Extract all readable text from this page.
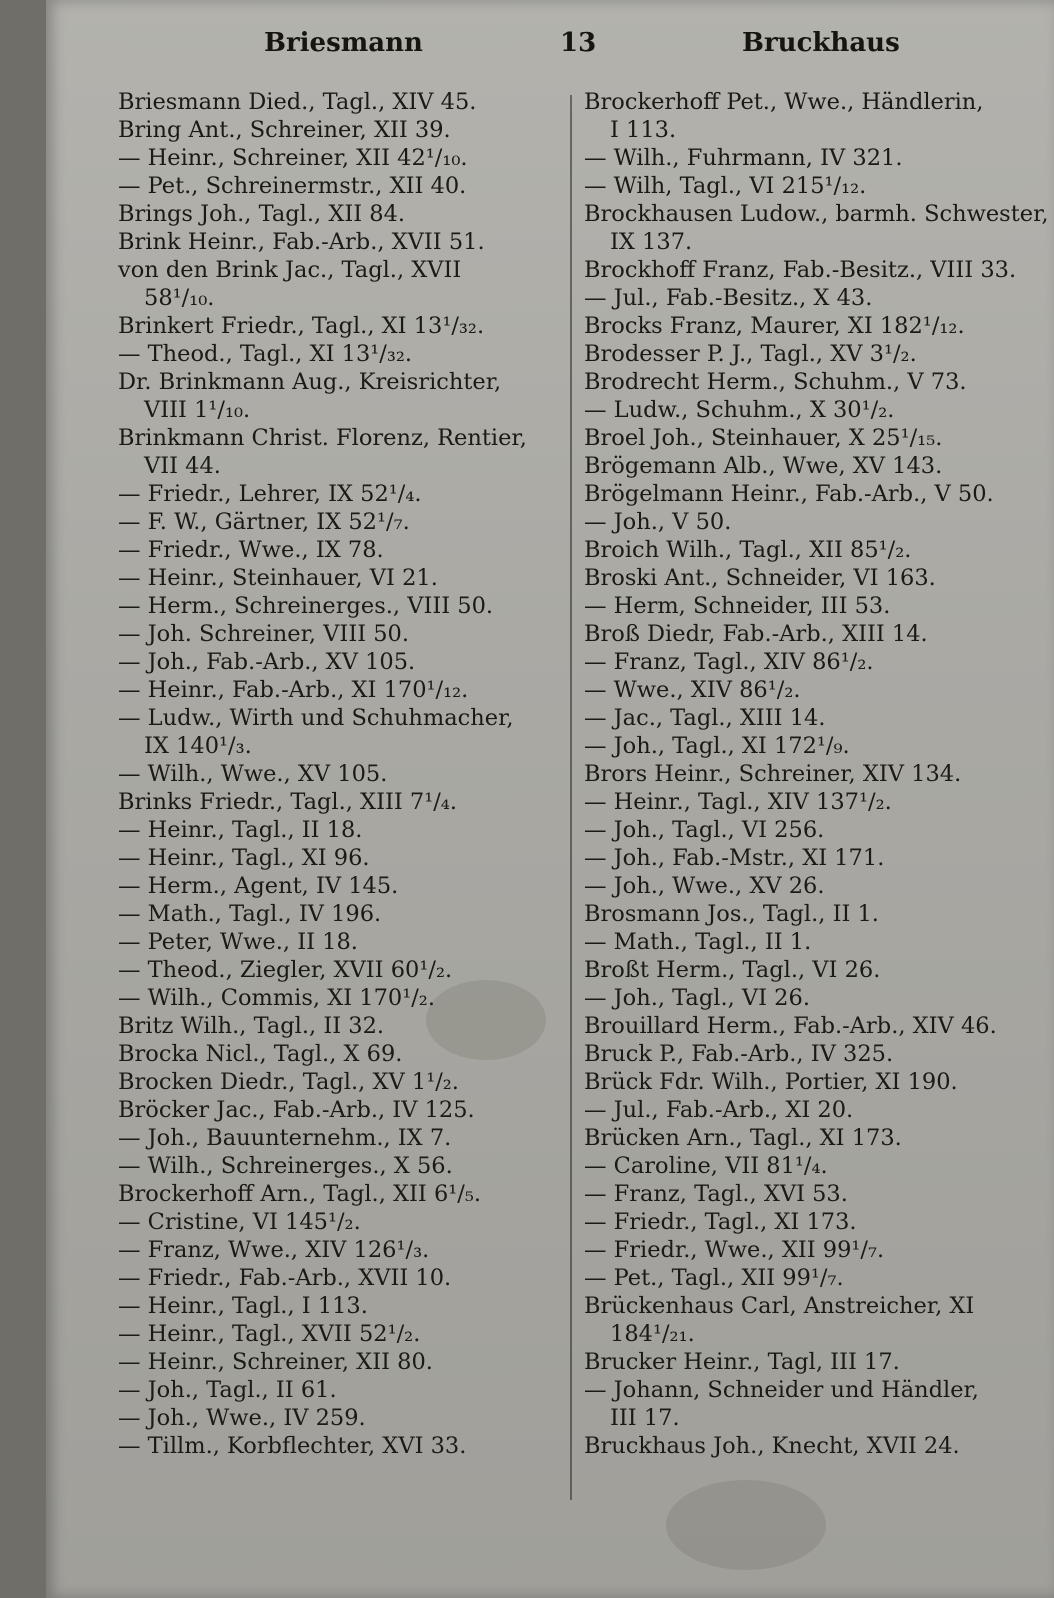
Briesmann	13	Bruckhaus
Briesmann Died., Tagl., XIV 45.
Bring Ant., Schreiner, XII 39.
— Heinr., Schreiner, XII 42¹/₁₀.
— Pet., Schreinermstr., XII 40.
Brings Joh., Tagl., XII 84.
Brink Heinr., Fab.-Arb., XVII 51.
von den Brink Jac., Tagl., XVII
58¹/₁₀.
Brinkert Friedr., Tagl., XI 13¹/₃₂.
— Theod., Tagl., XI 13¹/₃₂.
Dr. Brinkmann Aug., Kreisrichter,
VIII 1¹/₁₀.
Brinkmann Christ. Florenz, Rentier,
VII 44.
— Friedr., Lehrer, IX 52¹/₄.
— F. W., Gärtner, IX 52¹/₇.
— Friedr., Wwe., IX 78.
— Heinr., Steinhauer, VI 21.
— Herm., Schreinerges., VIII 50.
— Joh. Schreiner, VIII 50.
— Joh., Fab.-Arb., XV 105.
— Heinr., Fab.-Arb., XI 170¹/₁₂.
— Ludw., Wirth und Schuhmacher,
IX 140¹/₃.
— Wilh., Wwe., XV 105.
Brinks Friedr., Tagl., XIII 7¹/₄.
— Heinr., Tagl., II 18.
— Heinr., Tagl., XI 96.
— Herm., Agent, IV 145.
— Math., Tagl., IV 196.
— Peter, Wwe., II 18.
— Theod., Ziegler, XVII 60¹/₂.
— Wilh., Commis, XI 170¹/₂.
Britz Wilh., Tagl., II 32.
Brocka Nicl., Tagl., X 69.
Brocken Diedr., Tagl., XV 1¹/₂.
Bröcker Jac., Fab.-Arb., IV 125.
— Joh., Bauunternehm., IX 7.
— Wilh., Schreinerges., X 56.
Brockerhoff Arn., Tagl., XII 6¹/₅.
— Cristine, VI 145¹/₂.
— Franz, Wwe., XIV 126¹/₃.
— Friedr., Fab.-Arb., XVII 10.
— Heinr., Tagl., I 113.
— Heinr., Tagl., XVII 52¹/₂.
— Heinr., Schreiner, XII 80.
— Joh., Tagl., II 61.
— Joh., Wwe., IV 259.
— Tillm., Korbflechter, XVI 33.
Brockerhoff Pet., Wwe., Händlerin,
I 113.
— Wilh., Fuhrmann, IV 321.
— Wilh, Tagl., VI 215¹/₁₂.
Brockhausen Ludow., barmh. Schwester,
IX 137.
Brockhoff Franz, Fab.-Besitz., VIII 33.
— Jul., Fab.-Besitz., X 43.
Brocks Franz, Maurer, XI 182¹/₁₂.
Brodesser P. J., Tagl., XV 3¹/₂.
Brodrecht Herm., Schuhm., V 73.
— Ludw., Schuhm., X 30¹/₂.
Broel Joh., Steinhauer, X 25¹/₁₅.
Brögemann Alb., Wwe, XV 143.
Brögelmann Heinr., Fab.-Arb., V 50.
— Joh., V 50.
Broich Wilh., Tagl., XII 85¹/₂.
Broski Ant., Schneider, VI 163.
— Herm, Schneider, III 53.
Broß Diedr, Fab.-Arb., XIII 14.
— Franz, Tagl., XIV 86¹/₂.
— Wwe., XIV 86¹/₂.
— Jac., Tagl., XIII 14.
— Joh., Tagl., XI 172¹/₉.
Brors Heinr., Schreiner, XIV 134.
— Heinr., Tagl., XIV 137¹/₂.
— Joh., Tagl., VI 256.
— Joh., Fab.-Mstr., XI 171.
— Joh., Wwe., XV 26.
Brosmann Jos., Tagl., II 1.
— Math., Tagl., II 1.
Broßt Herm., Tagl., VI 26.
— Joh., Tagl., VI 26.
Brouillard Herm., Fab.-Arb., XIV 46.
Bruck P., Fab.-Arb., IV 325.
Brück Fdr. Wilh., Portier, XI 190.
— Jul., Fab.-Arb., XI 20.
Brücken Arn., Tagl., XI 173.
— Caroline, VII 81¹/₄.
— Franz, Tagl., XVI 53.
— Friedr., Tagl., XI 173.
— Friedr., Wwe., XII 99¹/₇.
— Pet., Tagl., XII 99¹/₇.
Brückenhaus Carl, Anstreicher, XI
184¹/₂₁.
Brucker Heinr., Tagl, III 17.
— Johann, Schneider und Händler,
III 17.
Bruckhaus Joh., Knecht, XVII 24.
